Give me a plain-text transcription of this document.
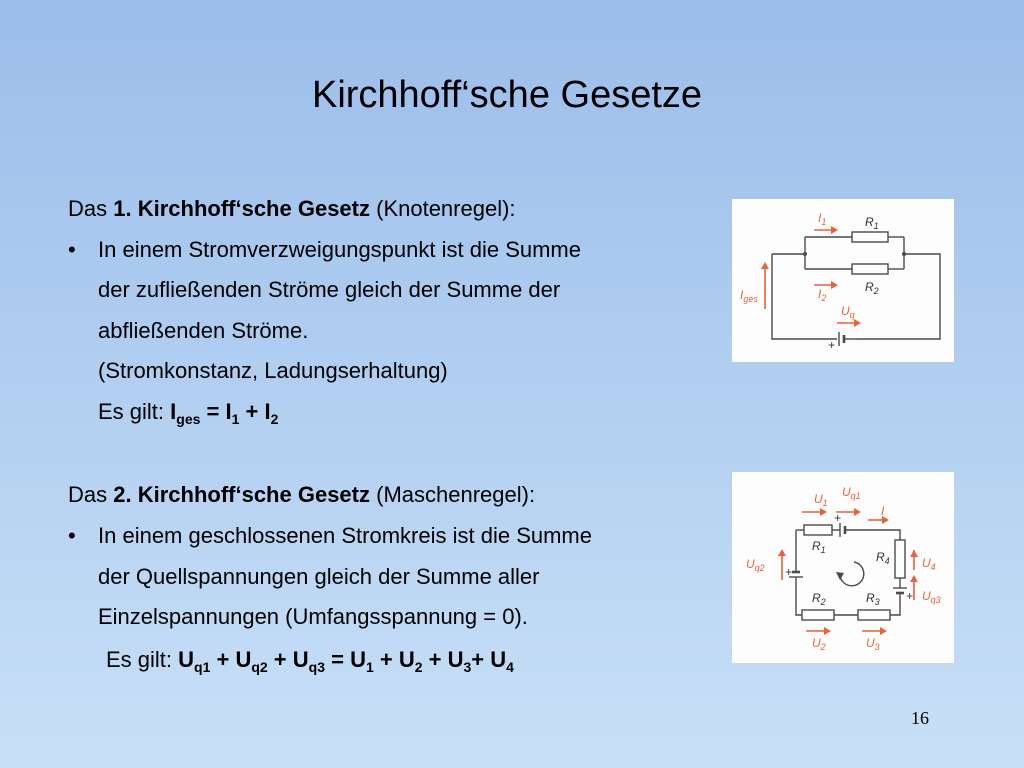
Kirchhoff‘sche Gesetze
Das 1. Kirchhoff‘sche Gesetz (Knotenregel):
• In einem Stromverzweigungspunkt ist die Summe
der zufließenden Ströme gleich der Summe der
abfließenden Ströme.
(Stromkonstanz, Ladungserhaltung)
Es gilt: $I_{ges} = I_1 + I_2$
Das 2. Kirchhoff‘sche Gesetz (Maschenregel):
• In einem geschlossenen Stromkreis ist die Summe
der Quellspannungen gleich der Summe aller
Einzelspannungen (Umfangsspannung = 0).
Es gilt: $U_{q1} + U_{q2} + U_{q3} = U_1 + U_2 + U_3+ U_4$
$I_1$
$I_2$
$R_1$
$R_2$
$I_{ges}$
$U_q$
+
$U_1$
$U_{q1}$
I
$R_1$	$R_4$	$U_4$
$U_{q2}$
$R_2$	$R_3$	$U_{q3}$
$U_2$	$U_3$
+
+
+
16
